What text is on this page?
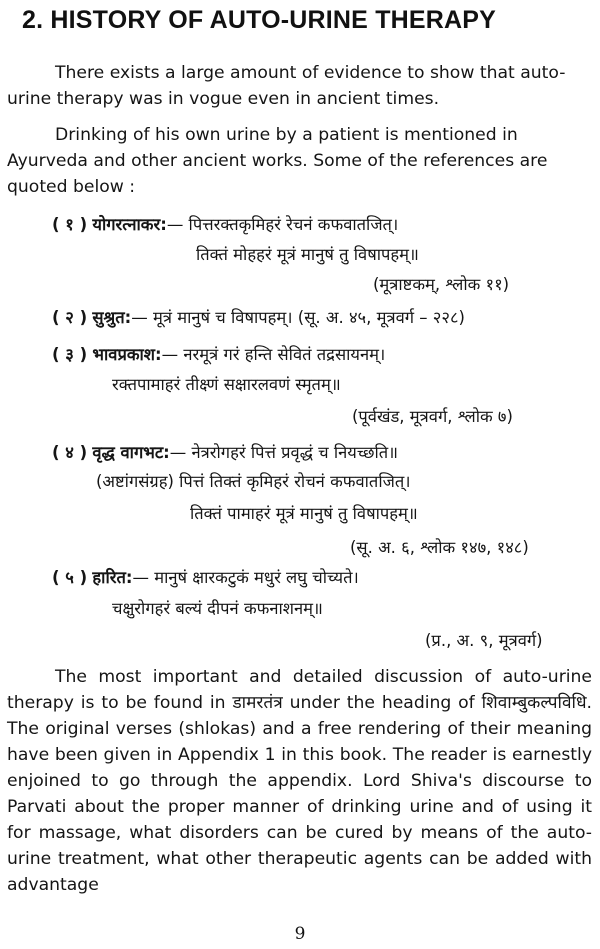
2. HISTORY OF AUTO-URINE THERAPY

There exists a large amount of evidence to show that auto-urine therapy was in vogue even in ancient times.

Drinking of his own urine by a patient is mentioned in Ayurveda and other ancient works. Some of the references are quoted below :

( १ ) योगरत्नाकर:— पित्तरक्तकृमिहरं रेचनं कफवातजित्।
तिक्तं मोहहरं मूत्रं मानुषं तु विषापहम्॥
(मूत्राष्टकम्, श्लोक ११)
( २ ) सुश्रुत:— मूत्रं मानुषं च विषापहम्। (सू. अ. ४५, मूत्रवर्ग – २२८)
( ३ ) भावप्रकाश:— नरमूत्रं गरं हन्ति सेवितं तद्रसायनम्।
रक्तपामाहरं तीक्ष्णं सक्षारलवणं स्मृतम्॥
(पूर्वखंड, मूत्रवर्ग, श्लोक ७)
( ४ ) वृद्ध वागभट:— नेत्ररोगहरं पित्तं प्रवृद्धं च नियच्छति॥
(अष्टांगसंग्रह) पित्तं तिक्तं कृमिहरं रोचनं कफवातजित्।
तिक्तं पामाहरं मूत्रं मानुषं तु विषापहम्॥
(सू. अ. ६, श्लोक १४७, १४८)
( ५ ) हारित:— मानुषं क्षारकटुकं मधुरं लघु चोच्यते।
चक्षुरोगहरं बल्यं दीपनं कफनाशनम्॥
(प्र., अ. ९, मूत्रवर्ग)

The most important and detailed discussion of auto-urine therapy is to be found in डामरतंत्र under the heading of शिवाम्बुकल्पविधि. The original verses (shlokas) and a free rendering of their meaning have been given in Appendix 1 in this book. The reader is earnestly enjoined to go through the appendix. Lord Shiva's discourse to Parvati about the proper manner of drinking urine and of using it for massage, what disorders can be cured by means of the auto-urine treatment, what other therapeutic agents can be added with advantage

9
